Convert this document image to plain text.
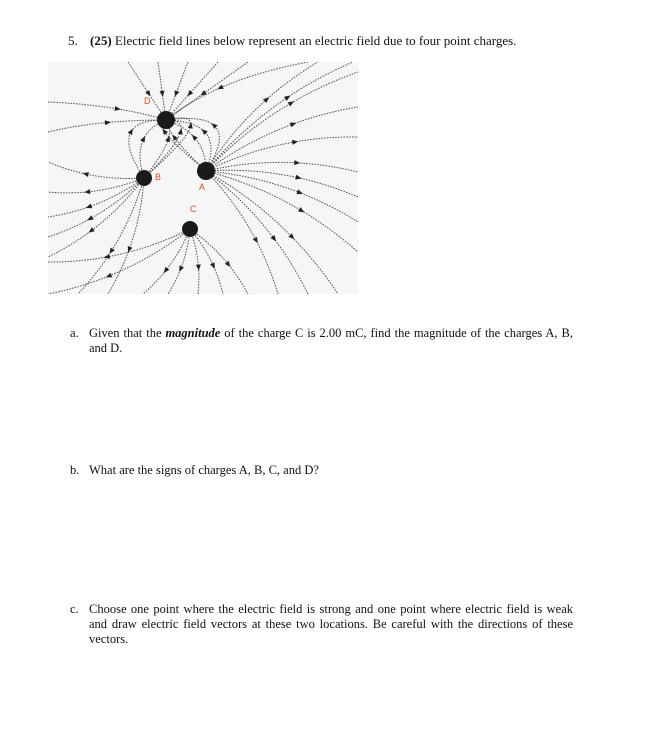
5. (25) Electric field lines below represent an electric field due to four point charges.
D
A
B
C
a. Given that the magnitude of the charge C is 2.00 mC, find the magnitude of the charges A, B, and D.
b. What are the signs of charges A, B, C, and D?
c. Choose one point where the electric field is strong and one point where electric field is weak and draw electric field vectors at these two locations. Be careful with the directions of these vectors.
